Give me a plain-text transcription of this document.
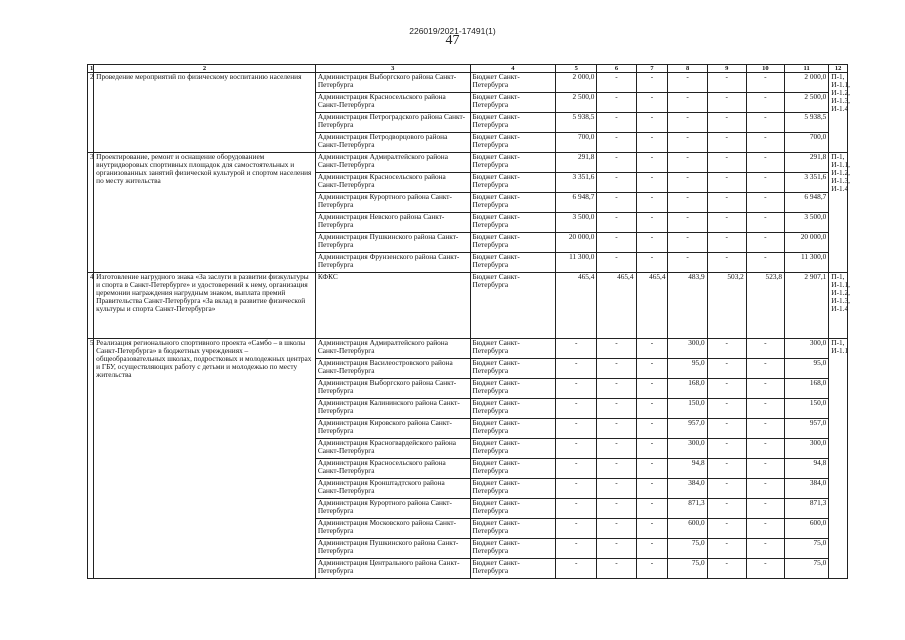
226019/2021-17491(1)
47
1	2	3	4	5	6	7	8	9	10	11	12
2	Проведение мероприятий по физическому воспитанию населения	Администрация Выборгского района Санкт-Петербурга	Бюджет Санкт-Петербурга	2 000,0	-	-	-	-	-	2 000,0	П-1, И-1.1, И-1.2, И-1.3, И-1.4
		Администрация Красносельского района Санкт-Петербурга	Бюджет Санкт-Петербурга	2 500,0	-	-	-	-	-	2 500,0	
		Администрация Петроградского района Санкт-Петербурга	Бюджет Санкт-Петербурга	5 938,5	-	-	-	-	-	5 938,5	
		Администрация Петродворцового района Санкт-Петербурга	Бюджет Санкт-Петербурга	700,0	-	-	-	-	-	700,0	
3	Проектирование, ремонт и оснащение оборудованием внутридворовых спортивных площадок для самостоятельных и организованных занятий физической культурой и спортом населения по месту жительства	Администрация Адмиралтейского района Санкт-Петербурга	Бюджет Санкт-Петербурга	291,8	-	-	-	-	-	291,8	П-1, И-1.1, И-1.2, И-1.3, И-1.4
		Администрация Красносельского района Санкт-Петербурга	Бюджет Санкт-Петербурга	3 351,6	-	-	-	-	-	3 351,6	
		Администрация Курортного района Санкт-Петербурга	Бюджет Санкт-Петербурга	6 948,7	-	-	-	-	-	6 948,7	
		Администрация Невского района Санкт-Петербурга	Бюджет Санкт-Петербурга	3 500,0	-	-	-	-	-	3 500,0	
		Администрация Пушкинского района Санкт-Петербурга	Бюджет Санкт-Петербурга	20 000,0	-	-	-	-	-	20 000,0	
		Администрация Фрунзенского района Санкт-Петербурга	Бюджет Санкт-Петербурга	11 300,0	-	-	-	-	-	11 300,0	
4	Изготовление нагрудного знака «За заслуги в развитии физкультуры и спорта в Санкт-Петербурге» и удостоверений к нему, организация церемонии награждения нагрудным знаком, выплата премий Правительства Санкт-Петербурга «За вклад в развитие физической культуры и спорта Санкт-Петербурга»	КФКС	Бюджет Санкт-Петербурга	465,4	465,4	465,4	483,9	503,2	523,8	2 907,1	П-1, И-1.1, И-1.2, И-1.3, И-1.4
5	Реализация регионального спортивного проекта «Самбо – в школы Санкт-Петербурга» в бюджетных учреждениях – общеобразовательных школах, подростковых и молодежных центрах и ГБУ, осуществляющих работу с детьми и молодежью по месту жительства	Администрация Адмиралтейского района Санкт-Петербурга	Бюджет Санкт-Петербурга	-	-	-	300,0	-	-	300,0	П-1, И-1.1
		Администрация Василеостровского района Санкт-Петербурга	Бюджет Санкт-Петербурга	-	-	-	95,0	-	-	95,0	
		Администрация Выборгского района Санкт-Петербурга	Бюджет Санкт-Петербурга	-	-	-	168,0	-	-	168,0	
		Администрация Калининского района Санкт-Петербурга	Бюджет Санкт-Петербурга	-	-	-	150,0	-	-	150,0	
		Администрация Кировского района Санкт-Петербурга	Бюджет Санкт-Петербурга	-	-	-	957,0	-	-	957,0	
		Администрация Красногвардейского района Санкт-Петербурга	Бюджет Санкт-Петербурга	-	-	-	300,0	-	-	300,0	
		Администрация Красносельского района Санкт-Петербурга	Бюджет Санкт-Петербурга	-	-	-	94,8	-	-	94,8	
		Администрация Кронштадтского района Санкт-Петербурга	Бюджет Санкт-Петербурга	-	-	-	384,0	-	-	384,0	
		Администрация Курортного района Санкт-Петербурга	Бюджет Санкт-Петербурга	-	-	-	871,3	-	-	871,3	
		Администрация Московского района Санкт-Петербурга	Бюджет Санкт-Петербурга	-	-	-	600,0	-	-	600,0	
		Администрация Пушкинского района Санкт-Петербурга	Бюджет Санкт-Петербурга	-	-	-	75,0	-	-	75,0	
		Администрация Центрального района Санкт-Петербурга	Бюджет Санкт-Петербурга	-	-	-	75,0	-	-	75,0	
